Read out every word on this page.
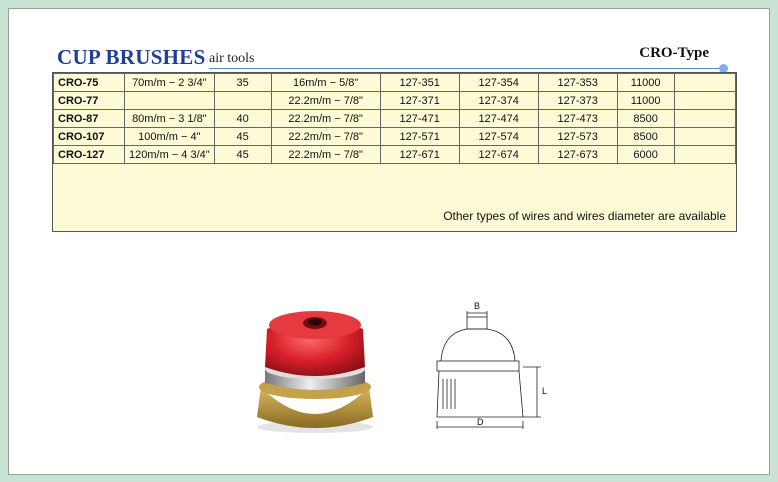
CUP BRUSHES air tools	CRO-Type
CRO-75	70m/m − 2 3/4"	35	16m/m − 5/8"	127-351	127-354	127-353	11000	
CRO-77			22.2m/m − 7/8"	127-371	127-374	127-373	11000	
CRO-87	80m/m − 3 1/8"	40	22.2m/m − 7/8"	127-471	127-474	127-473	8500	
CRO-107	100m/m − 4"	45	22.2m/m − 7/8"	127-571	127-574	127-573	8500	
CRO-127	120m/m − 4 3/4"	45	22.2m/m − 7/8"	127-671	127-674	127-673	6000	
Other types of wires and wires diameter are available
B
L
D
